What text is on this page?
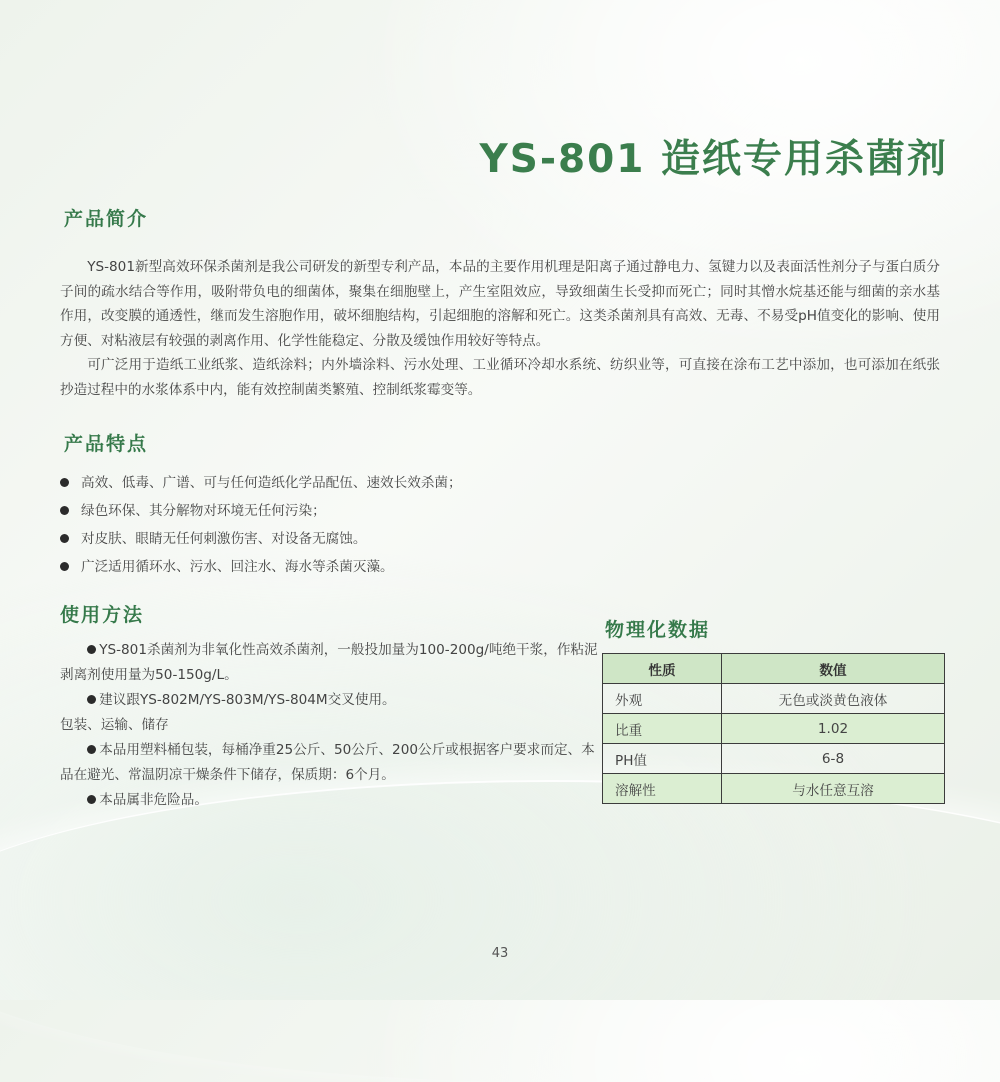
YS-801 造纸专用杀菌剂
产品简介

YS-801新型高效环保杀菌剂是我公司研发的新型专利产品，本品的主要作用机理是阳离子通过静电力、氢键力以及表面活性剂分子与蛋白质分子间的疏水结合等作用，吸附带负电的细菌体，聚集在细胞壁上，产生室阻效应，导致细菌生长受抑而死亡；同时其憎水烷基还能与细菌的亲水基作用，改变膜的通透性，继而发生溶胞作用，破坏细胞结构，引起细胞的溶解和死亡。这类杀菌剂具有高效、无毒、不易受pH值变化的影响、使用方便、对粘液层有较强的剥离作用、化学性能稳定、分散及缓蚀作用较好等特点。

可广泛用于造纸工业纸浆、造纸涂料；内外墙涂料、污水处理、工业循环冷却水系统、纺织业等，可直接在涂布工艺中添加，也可添加在纸张抄造过程中的水浆体系中内，能有效控制菌类繁殖、控制纸浆霉变等。

产品特点
高效、低毒、广谱、可与任何造纸化学品配伍、速效长效杀菌；
绿色环保、其分解物对环境无任何污染；
对皮肤、眼睛无任何刺激伤害、对设备无腐蚀。
广泛适用循环水、污水、回注水、海水等杀菌灭藻。
使用方法

YS-801杀菌剂为非氧化性高效杀菌剂，一般投加量为100-200g/吨绝干浆，作粘泥剥离剂使用量为50-150g/L。

建议跟YS-802M/YS-803M/YS-804M交叉使用。

包装、运输、储存

本品用塑料桶包装，每桶净重25公斤、50公斤、200公斤或根据客户要求而定、本品在避光、常温阴凉干燥条件下储存，保质期：6个月。

本品属非危险品。

物理化数据
性质	数值
外观	无色或淡黄色液体
比重	1.02
PH值	6-8
溶解性	与水任意互溶
43
